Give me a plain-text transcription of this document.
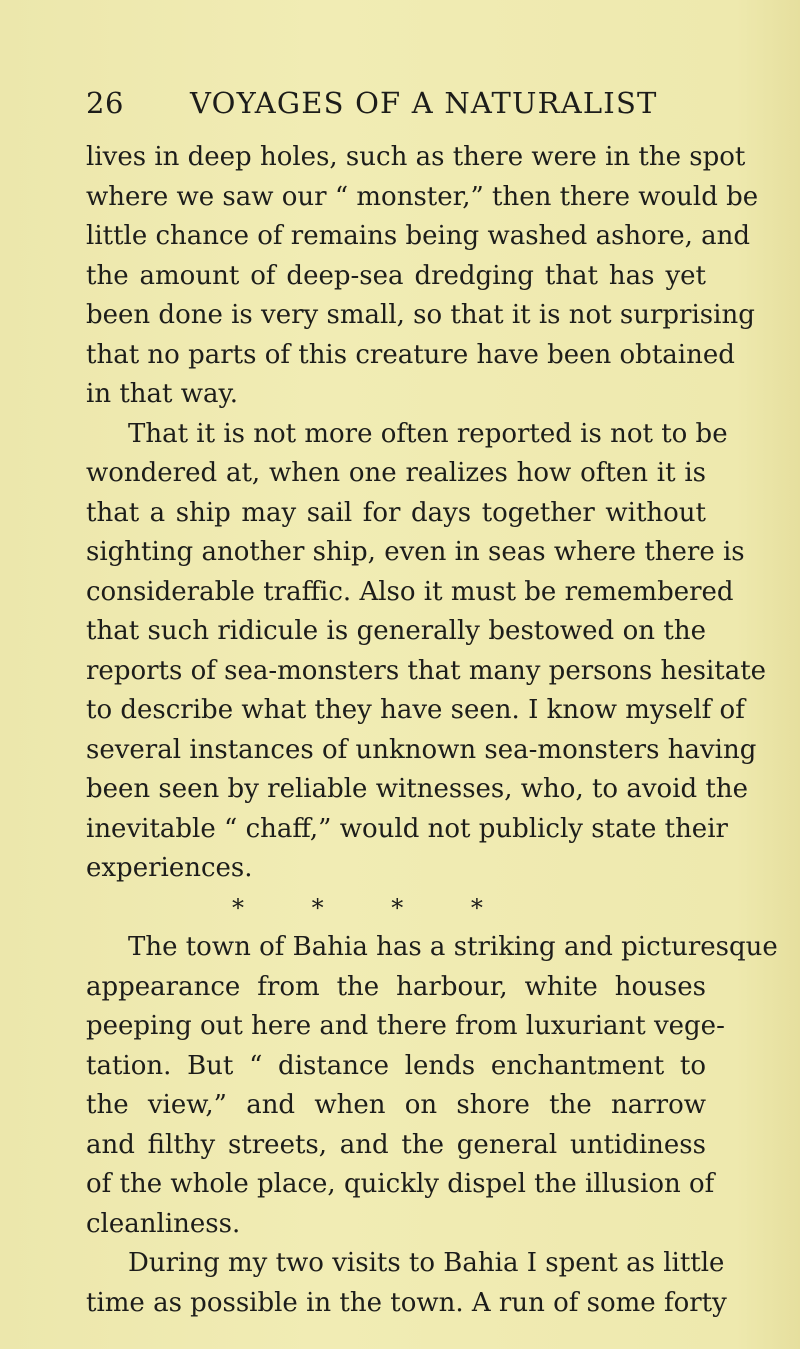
26 VOYAGES OF A NATURALIST
lives in deep holes, such as there were in the spot
where we saw our “ monster,” then there would be
little chance of remains being washed ashore, and
the amount of deep-sea dredging that has yet
been done is very small, so that it is not surprising
that no parts of this creature have been obtained
in that way.
That it is not more often reported is not to be
wondered at, when one realizes how often it is
that a ship may sail for days together without
sighting another ship, even in seas where there is
considerable traffic. Also it must be remembered
that such ridicule is generally bestowed on the
reports of sea-monsters that many persons hesitate
to describe what they have seen. I know myself of
several instances of unknown sea-monsters having
been seen by reliable witnesses, who, to avoid the
inevitable “ chaff,” would not publicly state their
experiences.
* * * *
The town of Bahia has a striking and picturesque
appearance from the harbour, white houses
peeping out here and there from luxuriant vege-
tation. But “ distance lends enchantment to
the view,” and when on shore the narrow
and filthy streets, and the general untidiness
of the whole place, quickly dispel the illusion of
cleanliness.
During my two visits to Bahia I spent as little
time as possible in the town. A run of some forty
